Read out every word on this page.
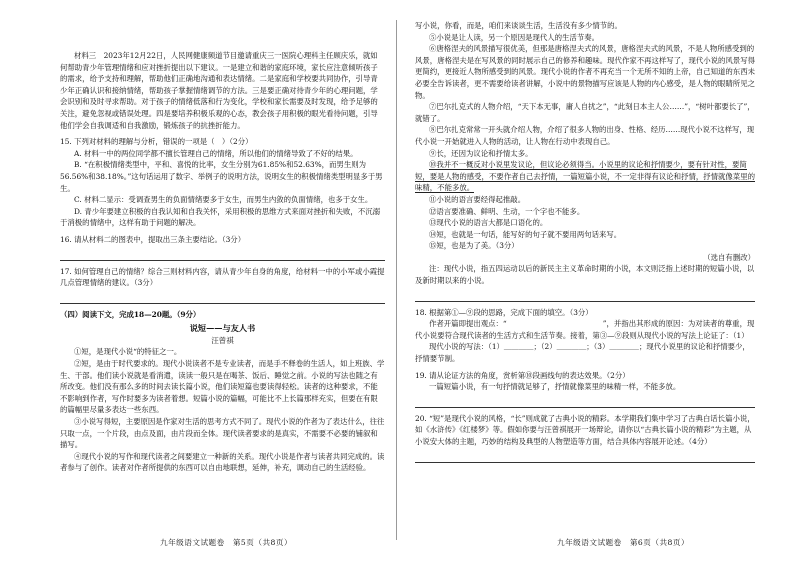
材料三　2023年12月22日，人民网健康频道节目邀请重庆三一医院心理科主任顾庆乐，就如何帮助青少年管理情绪和应对挫折提出以下建议。一是建立和谐的家庭环境，家长应注意倾听孩子的需求，给予支持和理解，帮助他们正确地沟通和表达情绪。二是家庭和学校要共同协作，引导青少年正确认识和接纳情绪，帮助孩子掌握情绪调节的方法。三是要正确对待青少年的心理问题，学会识别和及时寻求帮助。对于孩子的情绪低落和行为变化，学校和家长需要及时发现，给予足够的关注，避免忽视或错误处理。四是要培养积极乐观的心态，教会孩子用积极的眼光看待问题，引导他们学会自我调适和自我激励，锻炼孩子的抗挫折能力。

15. 下列对材料的理解与分析，错误的一项是（　）（2分）

A. 材料一中的两位同学都不擅长管理自己的情绪，所以他们的情绪导致了不好的结果。

B. “在积极情绪类型中，平和、喜悦的比率，女生分别为61.85%和52.63%，而男生则为56.56%和38.18%。”这句话运用了数字、举例子的说明方法，说明女生的积极情绪类型明显多于男生。

C. 材料二显示：受调查男生的负面情绪要多于女生，而男生内敛的负面情绪，也多于女生。

D. 青少年要建立积极的自我认知和自我关怀，采用积极的思维方式来面对挫折和失败，不沉溺于消极的情绪中，这样有助于问题的解决。

16. 请从材料二的图表中，提取出三条主要结论。（3分）

17. 如何管理自己的情绪？综合三则材料内容，请从青少年自身的角度，给材料一中的小军或小霞提几点管理情绪的建议。（3分）

（四）阅读下文，完成18—20题。（9分）

说短——与友人书

汪曾祺

①短，是现代小说“的特征之一。

②短，是由于时代要求的。现代小说读者不是专业读者，而是手不释卷的生活人，如上班族、学生、干部。他们读小说就是看消遣，读读一般只是在喝茶、饭后、睡觉之前。小说的写法也随之有所改变。他们没有那么多的时间去读长篇小说，他们读短篇也要读得轻松。读者的这种要求，不能不影响到作者，写作时要多为读者着想。短篇小说的篇幅，可能比不上长篇那样充实，但要在有限的篇幅里尽量多表达一些东西。

③小说写得短，主要原因是作家对生活的思考方式不同了。现代小说的作者为了表达什么，往往只取一点，一个片段，由点及面，由片段而全体。现代读者要求的是真实，不需要不必要的铺叙和描写。

④现代小说的写作和现代读者之间要建立一种新的关系。现代小说是作者与读者共同完成的。读者参与了创作。读者对作者所提供的东西可以自由地联想，延伸，补充，调动自己的生活经验。

九年级语文试题卷　第5页（共8页）

写小说，你看，而是，咱们来谈谈生活，生活没有多少情节的。

⑤小说是让人读，另一个原因是现代人的生活节奏。

⑥唐格涅夫的风景描写很优美，但那是唐格涅夫式的风景，唐格涅夫式的风景，不是人物所感受到的风景，唐格涅夫是在写风景的同时展示自己的修养和趣味。现代作家不再这样写了，现代小说的风景写得更简约，更接近人物所感受到的风景。现代小说的作者不再充当一个无所不知的上帝，自己知道的东西未必要全告诉读者，更不需要给读者讲解，小说中的景物描写应该是人物的内心感受，是人物的眼睛所见之物。

⑦巴尔扎克式的人物介绍，“天下本无事，庸人自扰之”，“此刻日本主人公……”，“树叶都要长了”，就错了。

⑧巴尔扎克常常一开头就介绍人物，介绍了很多人物的出身、性格、经历……现代小说不这样写，现代小说一开始就进入人物的活动，让人物在行动中表现自己。

⑨长，还因为议论和抒情太多。

⑩我并不一概反对小说里发议论，但议论必须得当。小说里的议论和抒情要少，要有针对性，要简短，要是人物的感受，不要作者自己去抒情，一篇短篇小说，不一定非得有议论和抒情，抒情就像菜里的味精，不能多放。

⑪小说的语言要经得起推敲。

⑫语言要准确、鲜明、生动，一个字也不能多。

⑬现代小说的语言大都是口语化的。

⑭短，也就是一句话，能写好的句子就不要用两句话来写。

⑮短，也是为了美。（3分）

（选自有删改）

注：现代小说，指五四运动以后的新民主主义革命时期的小说，本文则泛指上述时期的短篇小说，以及新时期以来的小说。

18. 根据第①—⑨段的思路，完成下面的填空。（3分）

作者开篇即提出观点：“　　　　　　　　　　　　　”，并指出其形成的原因：为对读者的尊重，现代小说要符合现代读者的生活方式和生活节奏。接着，第③—⑨段则从现代小说的写法上论证了：（1）

现代小说的写法：（1）＿＿＿＿；（2）＿＿＿＿；（3）＿＿＿＿；现代小说里的议论和抒情要少，抒情要节制。

19. 请从论证方法的角度，赏析第⑩段画线句的表达效果。（2分）

一篇短篇小说，有一句抒情就足够了，抒情就像菜里的味精一样，不能多放。

20. “短”是现代小说的风格，“长”则成就了古典小说的精彩。本学期我们集中学习了古典白话长篇小说，如《水浒传》《红楼梦》等。假如你要与汪曾祺展开一场辩论，请你以“古典长篇小说的精彩”为主题，从小说安大体的主题，巧妙的结构及典型的人物塑造等方面，结合具体内容展开论述。（4分）

九年级语文试题卷　第6页（共8页）
